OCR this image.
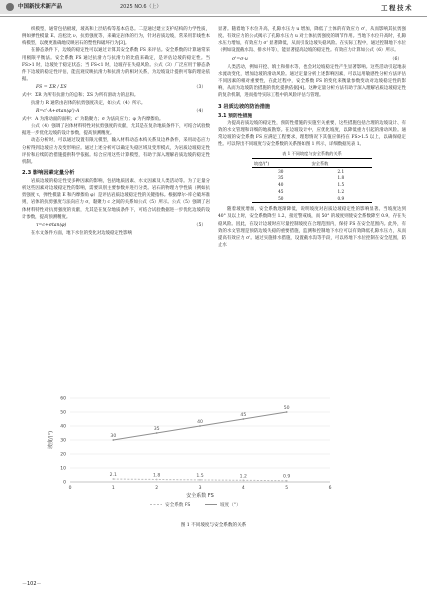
中国新技术新产品	2025 NO.6（上）	工程技术

织模型，通常包括板坡，坡高和上层结构等基本信息。二是通过建立支护结构的力学性质，例如弹性模量 E、泊松比 ν、抗剪强度等，来确定岩体的行为，针对岩质边坡，常采用非线性本构模型，以便更准确地反映岩石的塑性和破坏行为[3]。

在静态条件下，边坡的稳定性可以通过计算其安全系数 FS 来评估。安全系数的计算通常采用极限平衡法。安全系数 FS 通过抗滑力与抗滑力的比值来确定，是评估边坡的稳定性。当 FS>1 时，边坡处于稳定状态；当 FS<1 时，边坡存在失稳风险。公式（3）广泛应用于静态条件下边坡的稳定性评估，能直观反映抗滑力和抗滑力的相对关系，为边坡设计提供可靠的理论依据。

FS = ΣR / ΣS	（3）

式中：ΣR 为所有抗滑力的总和；ΣS 为所有滑动力的总和。

抗滑力 R 通常由岩体的抗剪强度决定，如公式（4）所示。

R=c'·A+σtan(φ')·A	（4）

式中：A 为滑动面的面积；c' 为黏聚力；σ 为法向应力；φ 为内摩擦角。

公式（4）强调了岩体材料特性对抗剪强度的贡献，尤其是在复杂地质条件下，可结合试验数据进一步优化边坡的设计参数，提高预测精度。

动态分析时，可以通过设置有限元模型，输入材料动态本构关系及边界条件，采用动态应力分析得到边坡应力及变形响应。通过上述分析可以确定失稳区域及变形模式，为岩质边坡稳定性评价和后续防治措施提供科学依据。综合应用这些计算模型，有助于深入理解岩质边坡的稳定性机制。

2.3 影响因素定量分析

岩质边坡的稳定性受多种因素的影响，包括地质因素、水文因素及人类活动等。为了定量分析这些因素对边坡稳定性的影响，需要识别主要参数并进行分类。岩石的物理力学性质（例如抗剪强度 τ，弹性模量 E 和内摩擦角 φ）是评估岩质边坡稳定性的关键指标。根据摩尔–库仑破坏准则，岩体的抗剪强度与法向应力 σ，黏聚力 c 之间的关系如公式（5）所示。公式（5）强调了岩体材料特性对抗剪强度的贡献，尤其是在复杂地质条件下，可结合试验数据进一步优化边坡的设计参数，提高预测精度。

τ=c+σtan(φ)	（5）

在水文条件方面，地下水位的变化对边坡稳定性影响

显著。随着地下水位升高，孔隙水压力 u 增加，降低了土体的有效应力 σ'，从而影响其抗剪强度。有效应力的公式揭示了孔隙水压力 u 对土体抗剪强度的调节作用。当地下水位升高时，孔隙水压力增加，有效应力 σ' 显著降低，从而引发边坡失稳风险。在实际工程中，通过控制地下水位（例如设置截水沟、排水井等），能显著提高边坡的稳定性。有效应力计算如公式（6）所示。

σ'=σ-u	（6）

人类活动，例如开挖、填土和排水等，也会对边坡稳定性产生显著影响。这些活动引起地表水流动变化，增加边坡的滑动风险。通过定量分析上述影响因素，可以运用敏感性分析方法评估不同因素的相对重要性，在此过程中，安全系数 FS 的变化来衡量参数变动对边坡稳定性的影响，从而为边坡防治措施的优化提供依据[4]。这种定量分析方法有助于深入理解岩质边坡稳定性的复杂机制，进而指导实际工程中的风险评估与管理。

3 岩质边坡的防治措施
3.1 预防性措施

为提高岩质边坡的稳定性，预防性措施的实施至关重要，这些措施包括合理的边坡设计、有效的水文管理和详细的地质勘察。在边坡设计中，应优化坡度，以降低重力引起的滑动风险。通常边坡的安全系数 FS 应满足工程要求，理想情况下其值应保持在 FS>1.5 以上，以确保稳定性。可以得出不同坡度与安全系数的关系图如图 1 所示，详细数据见表 1。

表 1 不同坡度与安全系数的关系
坡度/(°)	安全系数
30	2.1
35	1.8
40	1.5
45	1.2
50	0.9

随着坡度增加，安全系数逐渐降低，说明坡度对岩质边坡稳定性的影响显著。当坡度达到 40° 及以上时，安全系数降至 1.2，接近警戒线，而 50° 的坡度则使安全系数降至 0.9，存在失稳风险。因此，在设计边坡时应尽量控制坡度在合理范围内，保持 FS 在安全范围内。此外，有效的水文管理是预防边坡失稳的重要措施，监测和控制地下水位可以有效降低孔隙水压力，从而提高有效应力 σ'。通过实施排水措施，设置截水沟等手段，可以将地下水位控制在安全范围，防止水

0
10
20
30
40
50
60
0	1	2	3	4	5	6
安全系数 FS
坡度/(°)
2.1	1.8	1.5	1.2	0.9
30
35
40
45
50
安全系数 FS	坡度（°）
图 1 不同坡度与安全系数的关系
－102－
